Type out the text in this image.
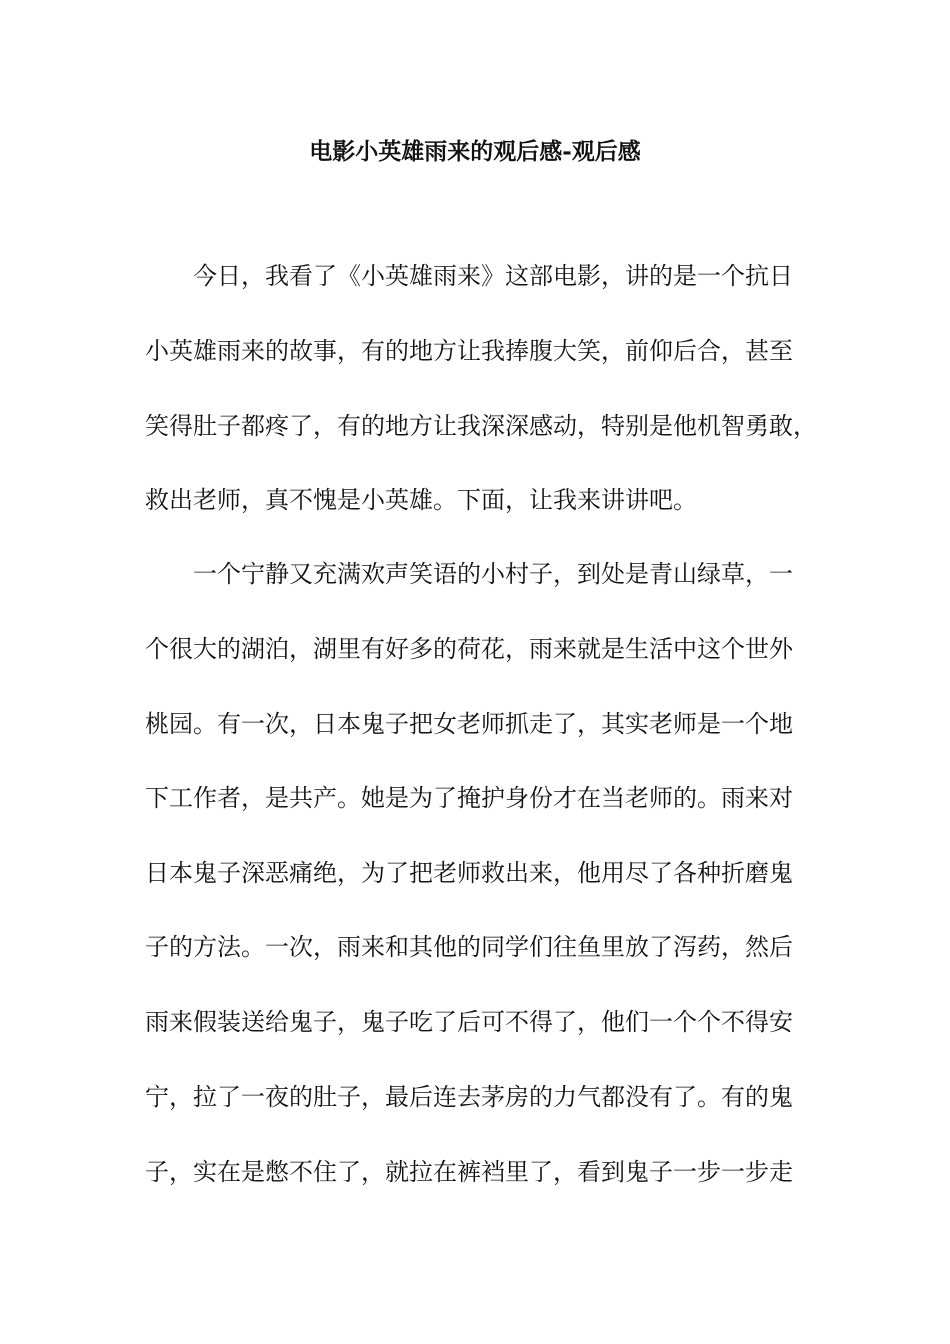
电影小英雄雨来的观后感-观后感

今日，我看了《小英雄雨来》这部电影，讲的是一个抗日

小英雄雨来的故事，有的地方让我捧腹大笑，前仰后合，甚至

笑得肚子都疼了，有的地方让我深深感动，特别是他机智勇敢，

救出老师，真不愧是小英雄。下面，让我来讲讲吧。

一个宁静又充满欢声笑语的小村子，到处是青山绿草，一

个很大的湖泊，湖里有好多的荷花，雨来就是生活中这个世外

桃园。有一次，日本鬼子把女老师抓走了，其实老师是一个地

下工作者，是共产。她是为了掩护身份才在当老师的。雨来对

日本鬼子深恶痛绝，为了把老师救出来，他用尽了各种折磨鬼

子的方法。一次，雨来和其他的同学们往鱼里放了泻药，然后

雨来假装送给鬼子，鬼子吃了后可不得了，他们一个个不得安

宁，拉了一夜的肚子，最后连去茅房的力气都没有了。有的鬼

子，实在是憋不住了，就拉在裤裆里了，看到鬼子一步一步走
